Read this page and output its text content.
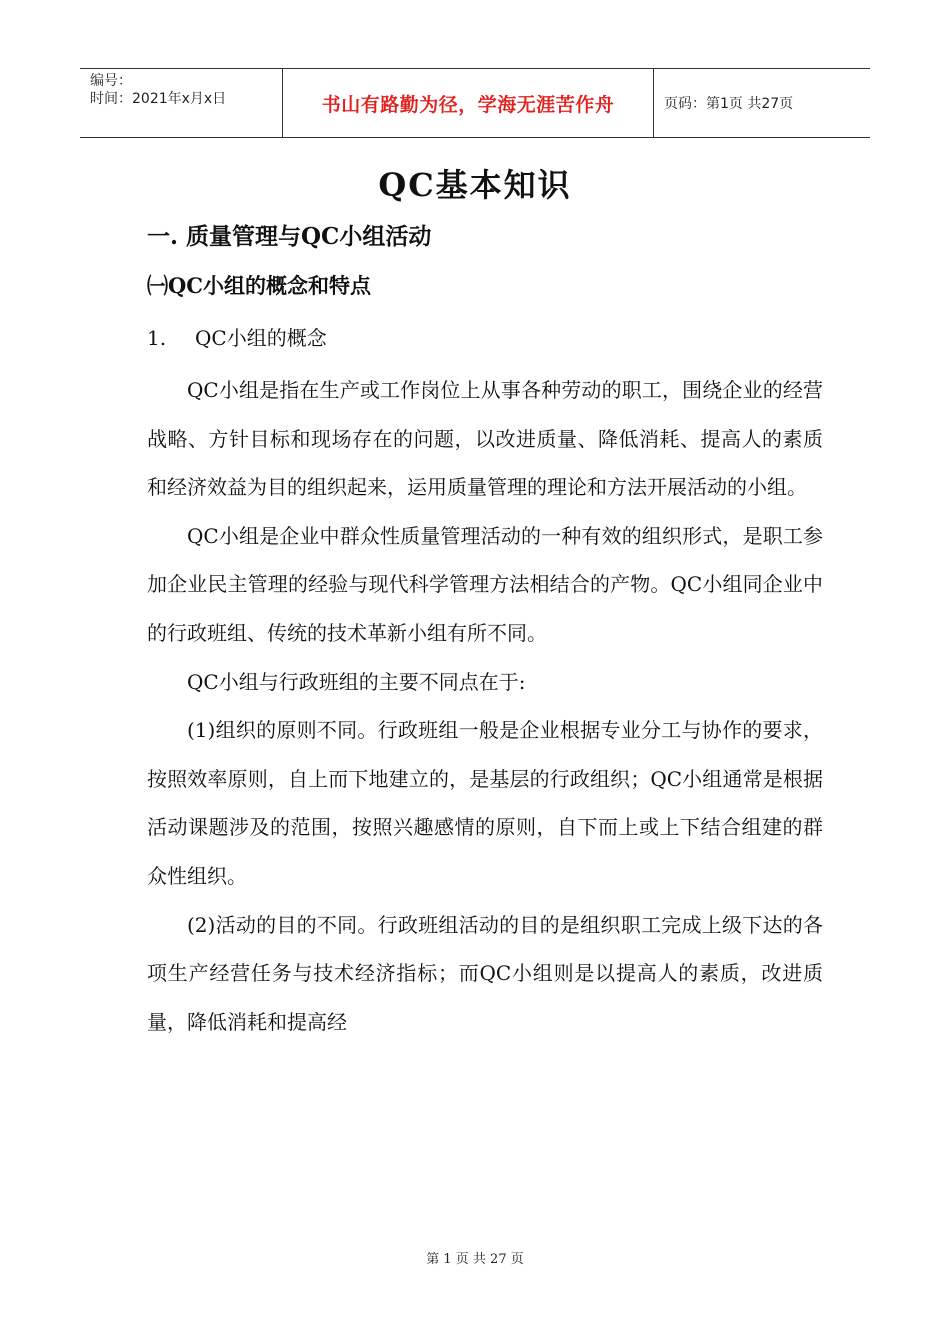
编号：
时间：2021年x月x日	书山有路勤为径，学海无涯苦作舟	页码：第1页 共27页
QC基本知识
一. 质量管理与QC小组活动
㈠QC小组的概念和特点
1. QC小组的概念

QC小组是指在生产或工作岗位上从事各种劳动的职工，围绕企业的经营战略、方针目标和现场存在的问题，以改进质量、降低消耗、提高人的素质和经济效益为目的组织起来，运用质量管理的理论和方法开展活动的小组。

QC小组是企业中群众性质量管理活动的一种有效的组织形式，是职工参加企业民主管理的经验与现代科学管理方法相结合的产物。QC小组同企业中的行政班组、传统的技术革新小组有所不同。

QC小组与行政班组的主要不同点在于:

(1)组织的原则不同。行政班组一般是企业根据专业分工与协作的要求，按照效率原则，自上而下地建立的，是基层的行政组织；QC小组通常是根据活动课题涉及的范围，按照兴趣感情的原则，自下而上或上下结合组建的群众性组织。

(2)活动的目的不同。行政班组活动的目的是组织职工完成上级下达的各项生产经营任务与技术经济指标；而QC小组则是以提高人的素质，改进质量，降低消耗和提高经

第 1 页 共 27 页
